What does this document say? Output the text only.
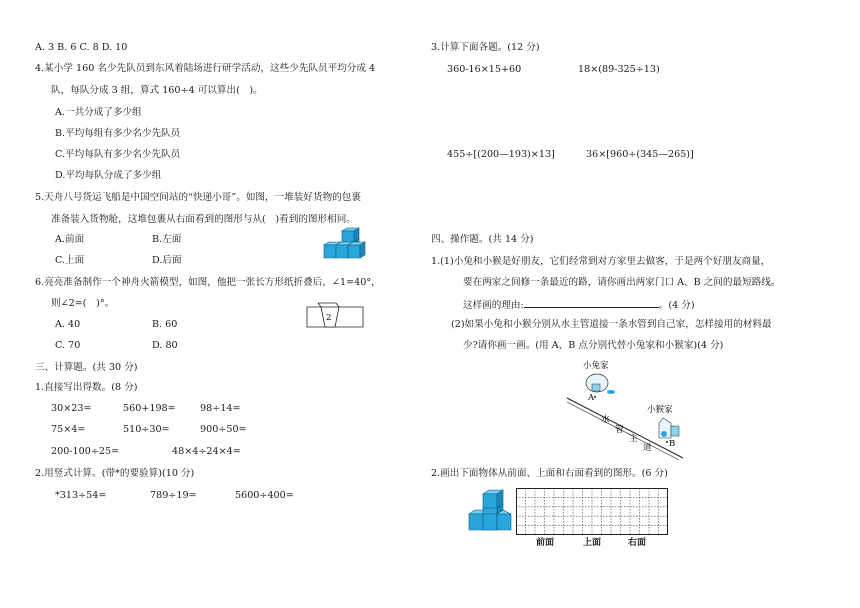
A. 3 B. 6 C. 8 D. 10
4.某小学 160 名少先队员到东风着陆场进行研学活动，这些少先队员平均分成 4
队，每队分成 3 组，算式 160÷4 可以算出(　)。
A.一共分成了多少组
B.平均每组有多少名少先队员
C.平均每队有多少名少先队员
D.平均每队分成了多少组
5.天舟八号货运飞船是中国空间站的“快递小哥”。如图，一堆装好货物的包裹
准备装入货物舱，这堆包裹从右面看到的图形与从(　)看到的图形相同。
A.前面	B.左面
C.上面	D.后面
6.亮亮准备制作一个神舟火箭模型，如图，他把一张长方形纸折叠后，∠1=40°，
则∠2=(　)°。
A. 40	B. 60
C. 70	D. 80
2
三、计算题。(共 30 分)
1.直接写出得数。(8 分)
30×23=	560+198=	98÷14=
75×4=	510÷30=	900÷50=
200-100÷25=	48×4÷24×4=
2.用竖式计算。(带*的要验算)(10 分)
*313÷54=	789÷19=	5600÷400=
3.计算下面各题。(12 分)
360-16×15+60	18×(89-325÷13)
455÷[(200—193)×13]	36×[960÷(345—265)]
四、操作题。(共 14 分)
1.(1)小兔和小猴是好朋友，它们经常到对方家里去做客，于是两个好朋友商量，
要在两家之间修一条最近的路，请你画出两家门口 A、B 之间的最短路线。
这样画的理由:	。(4 分)
(2)如果小兔和小猴分别从水主管道接一条水管到自己家，怎样接用的材料最
少?请你画一画。(用 A、B 点分别代替小兔家和小猴家)(4 分)
水
管
主
道
小兔家
A
小猴家
B
2.画出下面物体从前面、上面和右面看到的图形。(6 分)
前面	上面	右面
